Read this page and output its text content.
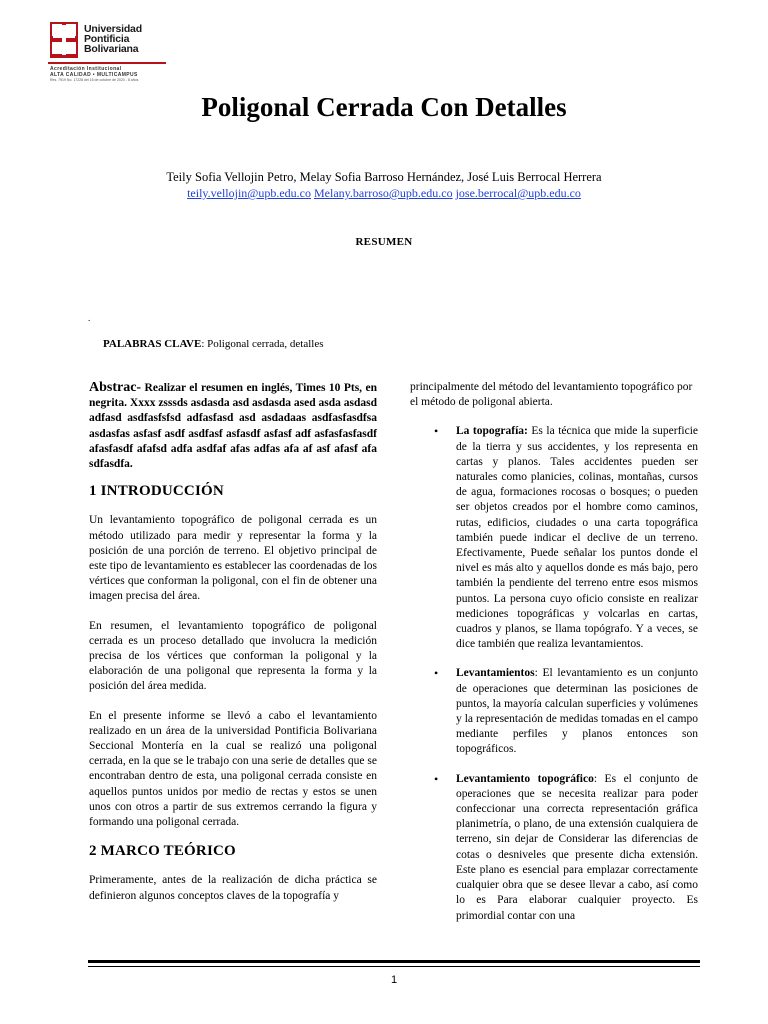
Universidad
Pontificia
Bolivariana
Acreditación Institucional
ALTA CALIDAD • MULTICAMPUS
Res. 7919 No. 17228 del 15 de octubre de 2020 - 8 años
Poligonal Cerrada Con Detalles
Teily Sofia Vellojin Petro, Melay Sofia Barroso Hernández, José Luis Berrocal Herrera
teily.vellojin@upb.edu.co Melany.barroso@upb.edu.co jose.berrocal@upb.edu.co
RESUMEN
.
PALABRAS CLAVE: Poligonal cerrada, detalles

Abstrac- Realizar el resumen en inglés, Times 10 Pts, en negrita. Xxxx zsssds asdasda asd asdasda ased asda asdasd adfasd asdfasfsfsd adfasfasd asd asdadaas asdfasfasdfsa asdasfas asfasf asdf asdfasf asfasdf asfasf adf asfasfasfasdf afasfasdf afafsd adfa asdfaf afas adfas afa af asf afasf afa sdfasdfa.

1 INTRODUCCIÓN

Un levantamiento topográfico de poligonal cerrada es un método utilizado para medir y representar la forma y la posición de una porción de terreno. El objetivo principal de este tipo de levantamiento es establecer las coordenadas de los vértices que conforman la poligonal, con el fin de obtener una imagen precisa del área.

En resumen, el levantamiento topográfico de poligonal cerrada es un proceso detallado que involucra la medición precisa de los vértices que conforman la poligonal y la elaboración de una poligonal que representa la forma y la posición del área medida.

En el presente informe se llevó a cabo el levantamiento realizado en un área de la universidad Pontificia Bolivariana Seccional Montería en la cual se realizó una poligonal cerrada, en la que se le trabajo con una serie de detalles que se encontraban dentro de esta, una poligonal cerrada consiste en aquellos puntos unidos por medio de rectas y estos se unen unos con otros a partir de sus extremos cerrando la figura y formando una poligonal cerrada.

2 MARCO TEÓRICO

Primeramente, antes de la realización de dicha práctica se definieron algunos conceptos claves de la topografía y

principalmente del método del levantamiento topográfico por el método de poligonal abierta.

• La topografía: Es la técnica que mide la superficie de la tierra y sus accidentes, y los representa en cartas y planos. Tales accidentes pueden ser naturales como planicies, colinas, montañas, cursos de agua, formaciones rocosas o bosques; o pueden ser objetos creados por el hombre como caminos, rutas, edificios, ciudades o una carta topográfica también puede indicar el declive de un terreno. Efectivamente, Puede señalar los puntos donde el nivel es más alto y aquellos donde es más bajo, pero también la pendiente del terreno entre esos mismos puntos. La persona cuyo oficio consiste en realizar mediciones topográficas y volcarlas en cartas, cuadros y planos, se llama topógrafo. Y a veces, se dice también que realiza levantamientos.
• Levantamientos: El levantamiento es un conjunto de operaciones que determinan las posiciones de puntos, la mayoría calculan superficies y volúmenes y la representación de medidas tomadas en el campo mediante perfiles y planos entonces son topográficos.
• Levantamiento topográfico: Es el conjunto de operaciones que se necesita realizar para poder confeccionar una correcta representación gráfica planimetría, o plano, de una extensión cualquiera de terreno, sin dejar de Considerar las diferencias de cotas o desniveles que presente dicha extensión. Este plano es esencial para emplazar correctamente cualquier obra que se desee llevar a cabo, así como lo es Para elaborar cualquier proyecto. Es primordial contar con una
1
